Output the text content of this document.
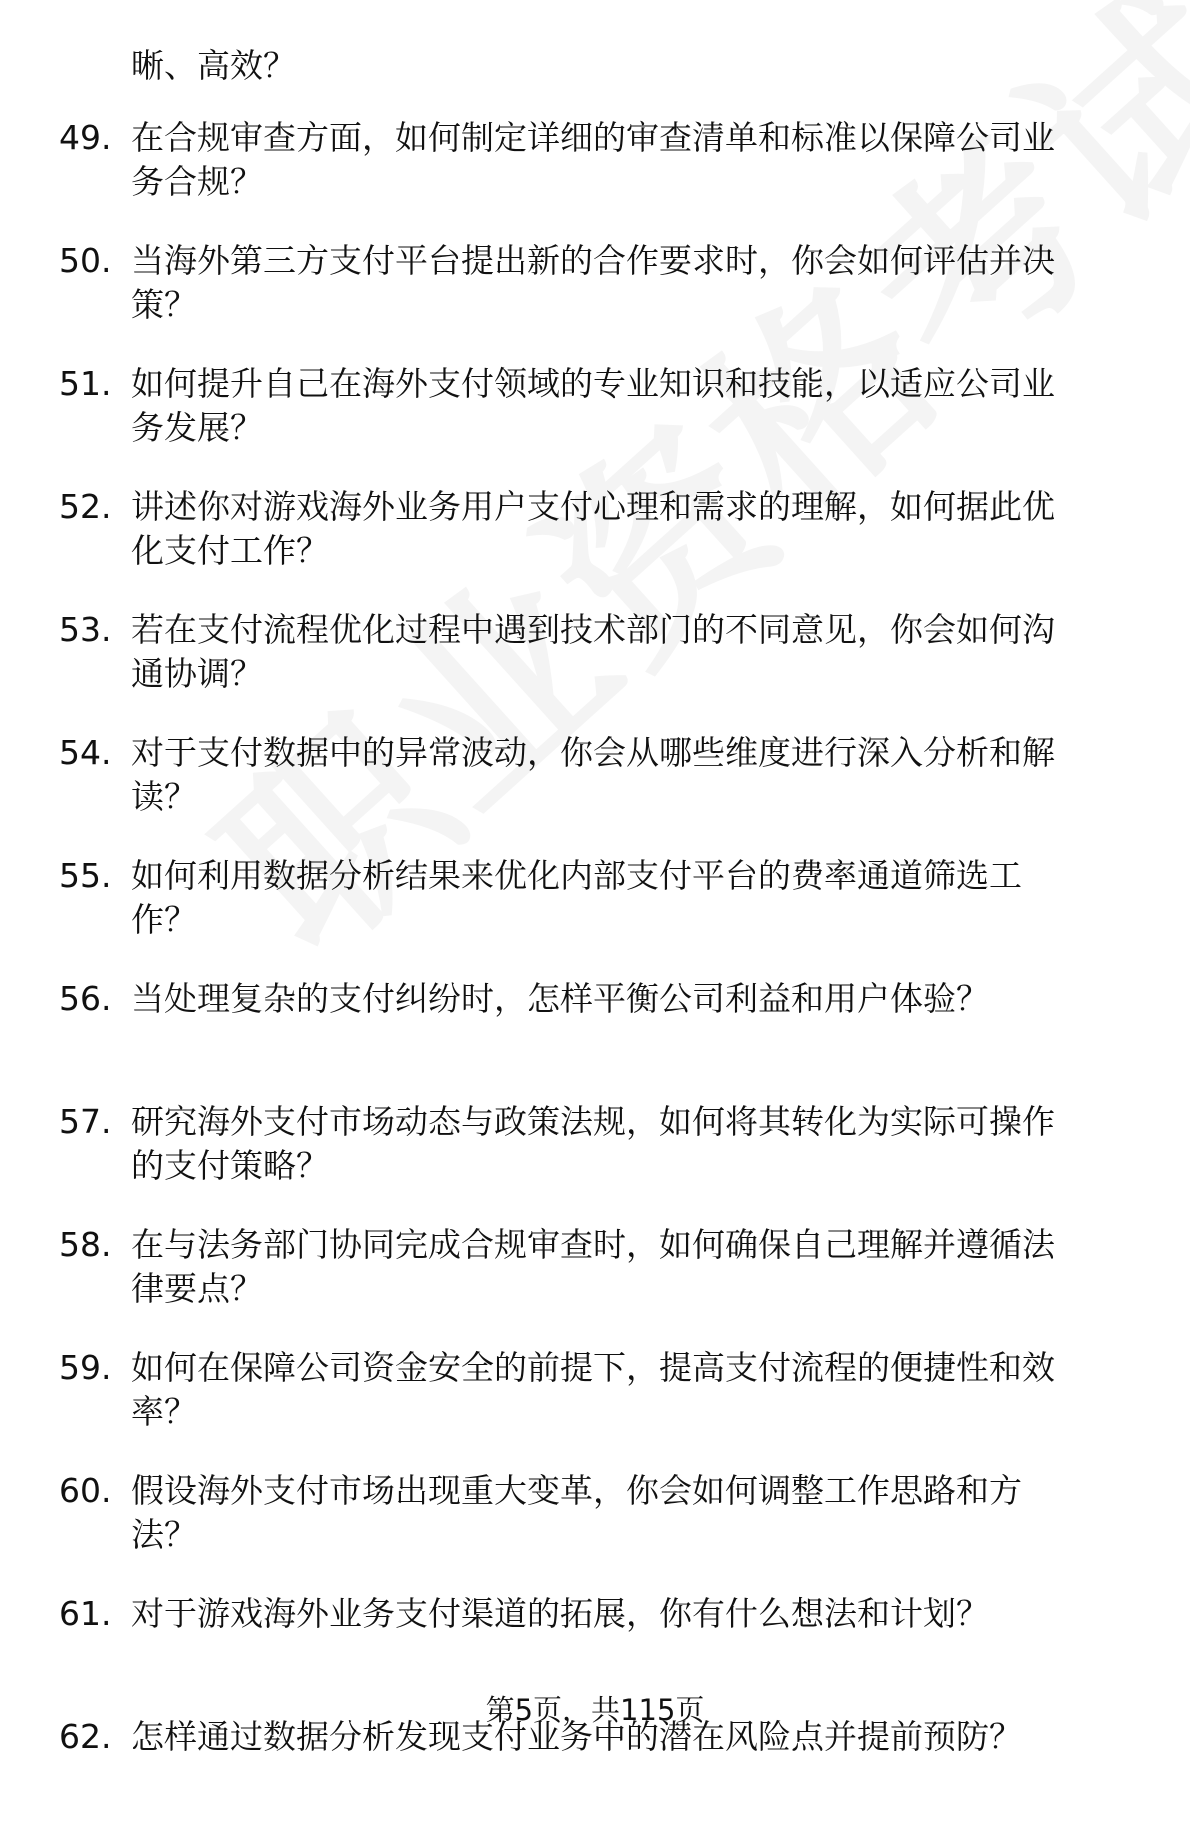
晰、高效？
49. 在合规审查方面，如何制定详细的审查清单和标准以保障公司业
务合规？
50. 当海外第三方支付平台提出新的合作要求时，你会如何评估并决
策？
51. 如何提升自己在海外支付领域的专业知识和技能，以适应公司业
务发展？
52. 讲述你对游戏海外业务用户支付心理和需求的理解，如何据此优
化支付工作？
53. 若在支付流程优化过程中遇到技术部门的不同意见，你会如何沟
通协调？
54. 对于支付数据中的异常波动，你会从哪些维度进行深入分析和解
读？
55. 如何利用数据分析结果来优化内部支付平台的费率通道筛选工
作？
56. 当处理复杂的支付纠纷时，怎样平衡公司利益和用户体验？
57. 研究海外支付市场动态与政策法规，如何将其转化为实际可操作
的支付策略？
58. 在与法务部门协同完成合规审查时，如何确保自己理解并遵循法
律要点？
59. 如何在保障公司资金安全的前提下，提高支付流程的便捷性和效
率？
60. 假设海外支付市场出现重大变革，你会如何调整工作思路和方
法？
61. 对于游戏海外业务支付渠道的拓展，你有什么想法和计划？
62. 怎样通过数据分析发现支付业务中的潜在风险点并提前预防？
第5页，共115页
